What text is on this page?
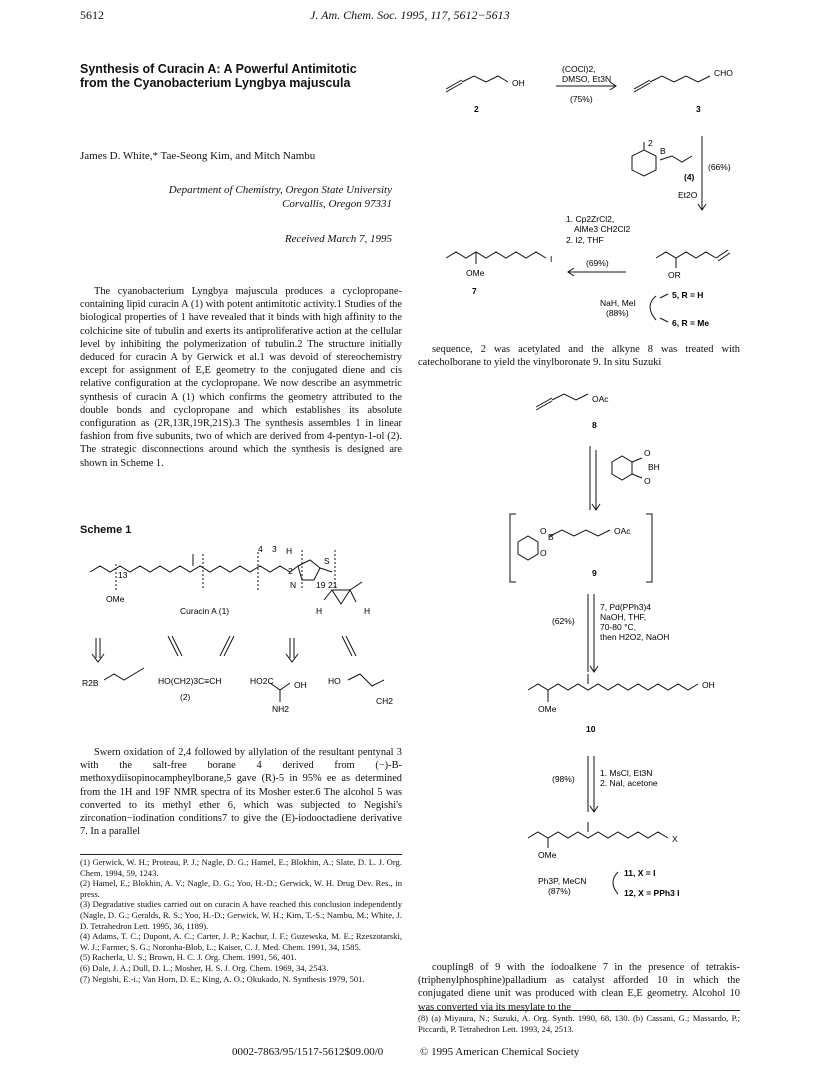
5612	J. Am. Chem. Soc. 1995, 117, 5612−5613
Synthesis of Curacin A: A Powerful Antimitotic from the Cyanobacterium Lyngbya majuscula
James D. White,* Tae-Seong Kim, and Mitch Nambu
Department of Chemistry, Oregon State University
Corvallis, Oregon 97331
Received March 7, 1995

The cyanobacterium Lyngbya majuscula produces a cyclopropane-containing lipid curacin A (1) with potent antimitotic activity.1 Studies of the biological properties of 1 have revealed that it binds with high affinity to the colchicine site of tubulin and exerts its antiproliferative action at the cellular level by inhibiting the polymerization of tubulin.2 The structure initially deduced for curacin A by Gerwick et al.1 was devoid of stereochemistry except for assignment of E,E geometry to the conjugated diene and cis relative configuration at the cyclopropane. We now describe an asymmetric synthesis of curacin A (1) which confirms the geometry attributed to the double bonds and cyclopropane and which establishes its absolute configuration as (2R,13R,19R,21S).3 The synthesis assembles 1 in linear fashion from five subunits, two of which are derived from 4-pentyn-1-ol (2). The strategic disconnections around which the synthesis is designed are shown in Scheme 1.

Scheme 1
13
OMe
4 3 H
S
2
N 19 21
H	H
Curacin A (1)
R2B	HO(CH2)3C≡CH
(2)
HO2C OH
NH2
HO
CH2

Swern oxidation of 2,4 followed by allylation of the resultant pentynal 3 with the salt-free borane 4 derived from (−)-B-methoxydiisopinocampheylborane,5 gave (R)-5 in 95% ee as determined from the 1H and 19F NMR spectra of its Mosher ester.6 The alcohol 5 was converted to its methyl ether 6, which was subjected to Negishi's zirconation−iodination conditions7 to give the (E)-iodooctadiene derivative 7. In a parallel

(1) Gerwick, W. H.; Proteau, P. J.; Nagle, D. G.; Hamel, E.; Blokhin, A.; Slate, D. L. J. Org. Chem. 1994, 59, 1243.
(2) Hamel, E.; Blokhin, A. V.; Nagle, D. G.; Yoo, H.-D.; Gerwick, W. H. Drug Dev. Res., in press.
(3) Degradative studies carried out on curacin A have reached this conclusion independently (Nagle, D. G.; Geralds, R. S.; Yoo, H.-D.; Gerwick, W. H.; Kim, T.-S.; Nambu, M.; White, J. D. Tetrahedron Lett. 1995, 36, 1189).
(4) Adams, T. C.; Dupont, A. C.; Carter, J. P.; Kachur, J. F.; Guzewska, M. E.; Rzeszotarski, W. J.; Farmer, S. G.; Noronha-Blob, L.; Kaiser, C. J. Med. Chem. 1991, 34, 1585.
(5) Racherla, U. S.; Brown, H. C. J. Org. Chem. 1991, 56, 401.
(6) Dale, J. A.; Dull, D. L.; Mosher, H. S. J. Org. Chem. 1969, 34, 2543.
(7) Negishi, E.-i.; Van Horn, D. E.; King, A. O.; Okukado, N. Synthesis 1979, 501.
OH
2
(COCl)2,
DMSO, Et3N
(75%)
CHO
3
B
2
(4)
Et2O
(66%)
1. Cp2ZrCl2,
AlMe3 CH2Cl2
2. I2, THF
(69%)
I
OMe
7
OR
NaH, MeI
(88%)
5, R = H
6, R = Me

sequence, 2 was acetylated and the alkyne 8 was treated with catecholborane to yield the vinylboronate 9. In situ Suzuki

OAc
8
O
BH
O
O
B
O
OAc
9
7, Pd(PPh3)4
NaOH, THF,
70-80 °C,
then H2O2, NaOH
(62%)
OH
OMe
10
1. MsCl, Et3N
2. NaI, acetone
(98%)
X
OMe
Ph3P, MeCN
(87%)
11, X = I
12, X = PPh3 I

coupling8 of 9 with the iodoalkene 7 in the presence of tetrakis-(triphenylphosphine)palladium as catalyst afforded 10 in which the conjugated diene unit was produced with clean E,E geometry. Alcohol 10 was converted via its mesylate to the

(8) (a) Miyaura, N.; Suzuki, A. Org. Synth. 1990, 68, 130. (b) Cassani, G.; Massardo, P.; Piccardi, P. Tetrahedron Lett. 1993, 24, 2513.
0002-7863/95/1517-5612$09.00/0	© 1995 American Chemical Society
